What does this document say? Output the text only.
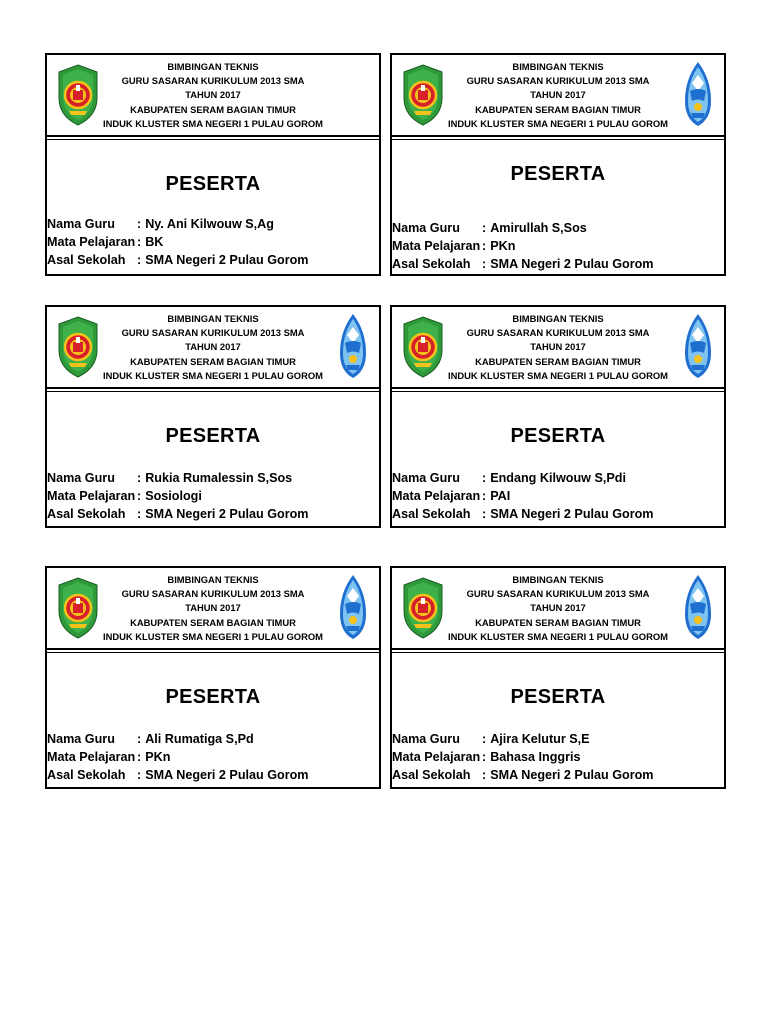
BIMBINGAN TEKNIS
GURU SASARAN KURIKULUM 2013 SMA
TAHUN 2017
KABUPATEN SERAM BAGIAN TIMUR
INDUK KLUSTER SMA NEGERI 1 PULAU GOROM
PESERTA
Nama Guru	: Ny. Ani Kilwouw S,Ag
Mata Pelajaran : BK
Asal Sekolah : SMA Negeri 2 Pulau Gorom
BIMBINGAN TEKNIS
GURU SASARAN KURIKULUM 2013 SMA
TAHUN 2017
KABUPATEN SERAM BAGIAN TIMUR
INDUK KLUSTER SMA NEGERI 1 PULAU GOROM
PESERTA
Nama Guru	: Amirullah S,Sos
Mata Pelajaran : PKn
Asal Sekolah : SMA Negeri 2 Pulau Gorom
BIMBINGAN TEKNIS
GURU SASARAN KURIKULUM 2013 SMA
TAHUN 2017
KABUPATEN SERAM BAGIAN TIMUR
INDUK KLUSTER SMA NEGERI 1 PULAU GOROM
PESERTA
Nama Guru	: Rukia Rumalessin S,Sos
Mata Pelajaran : Sosiologi
Asal Sekolah : SMA Negeri 2 Pulau Gorom
BIMBINGAN TEKNIS
GURU SASARAN KURIKULUM 2013 SMA
TAHUN 2017
KABUPATEN SERAM BAGIAN TIMUR
INDUK KLUSTER SMA NEGERI 1 PULAU GOROM
PESERTA
Nama Guru	: Endang Kilwouw S,Pdi
Mata Pelajaran : PAI
Asal Sekolah : SMA Negeri 2 Pulau Gorom
BIMBINGAN TEKNIS
GURU SASARAN KURIKULUM 2013 SMA
TAHUN 2017
KABUPATEN SERAM BAGIAN TIMUR
INDUK KLUSTER SMA NEGERI 1 PULAU GOROM
PESERTA
Nama Guru	: Ali Rumatiga S,Pd
Mata Pelajaran : PKn
Asal Sekolah : SMA Negeri 2 Pulau Gorom
BIMBINGAN TEKNIS
GURU SASARAN KURIKULUM 2013 SMA
TAHUN 2017
KABUPATEN SERAM BAGIAN TIMUR
INDUK KLUSTER SMA NEGERI 1 PULAU GOROM
PESERTA
Nama Guru	: Ajira Kelutur S,E
Mata Pelajaran : Bahasa Inggris
Asal Sekolah : SMA Negeri 2 Pulau Gorom
